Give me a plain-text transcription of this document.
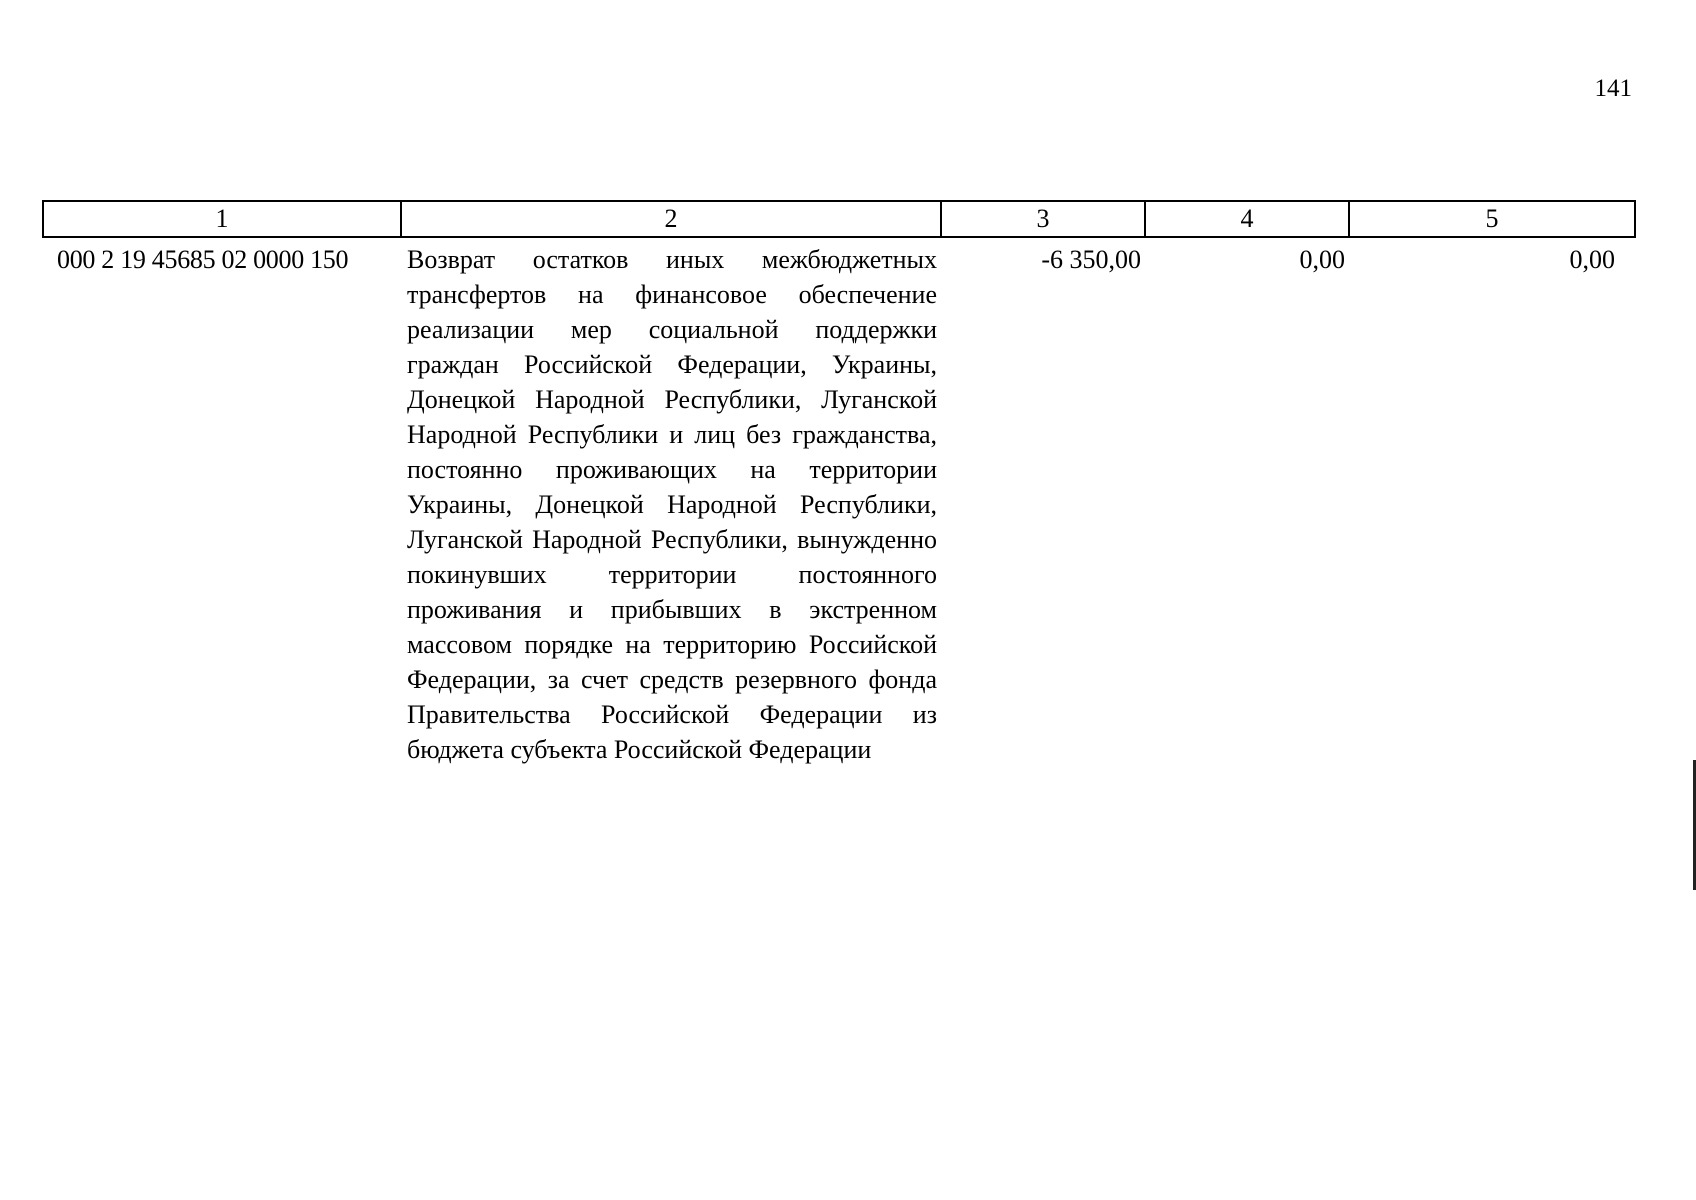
141
1	2	3	4	5
000 2 19 45685 02 0000 150	Возврат остатков иных межбюджетных трансфертов на финансовое обеспечение реализации мер социальной поддержки граждан Российской Федерации, Украины, Донецкой Народной Республики, Луганской Народной Республики и лиц без гражданства, постоянно проживающих на территории Украины, Донецкой Народной Республики, Луганской Народной Республики, вынужденно покинувших территории постоянного проживания и прибывших в экстренном массовом порядке на территорию Российской Федерации, за счет средств резервного фонда Правительства Российской Федерации из бюджета субъекта Российской Федерации	-6 350,00	0,00	0,00
